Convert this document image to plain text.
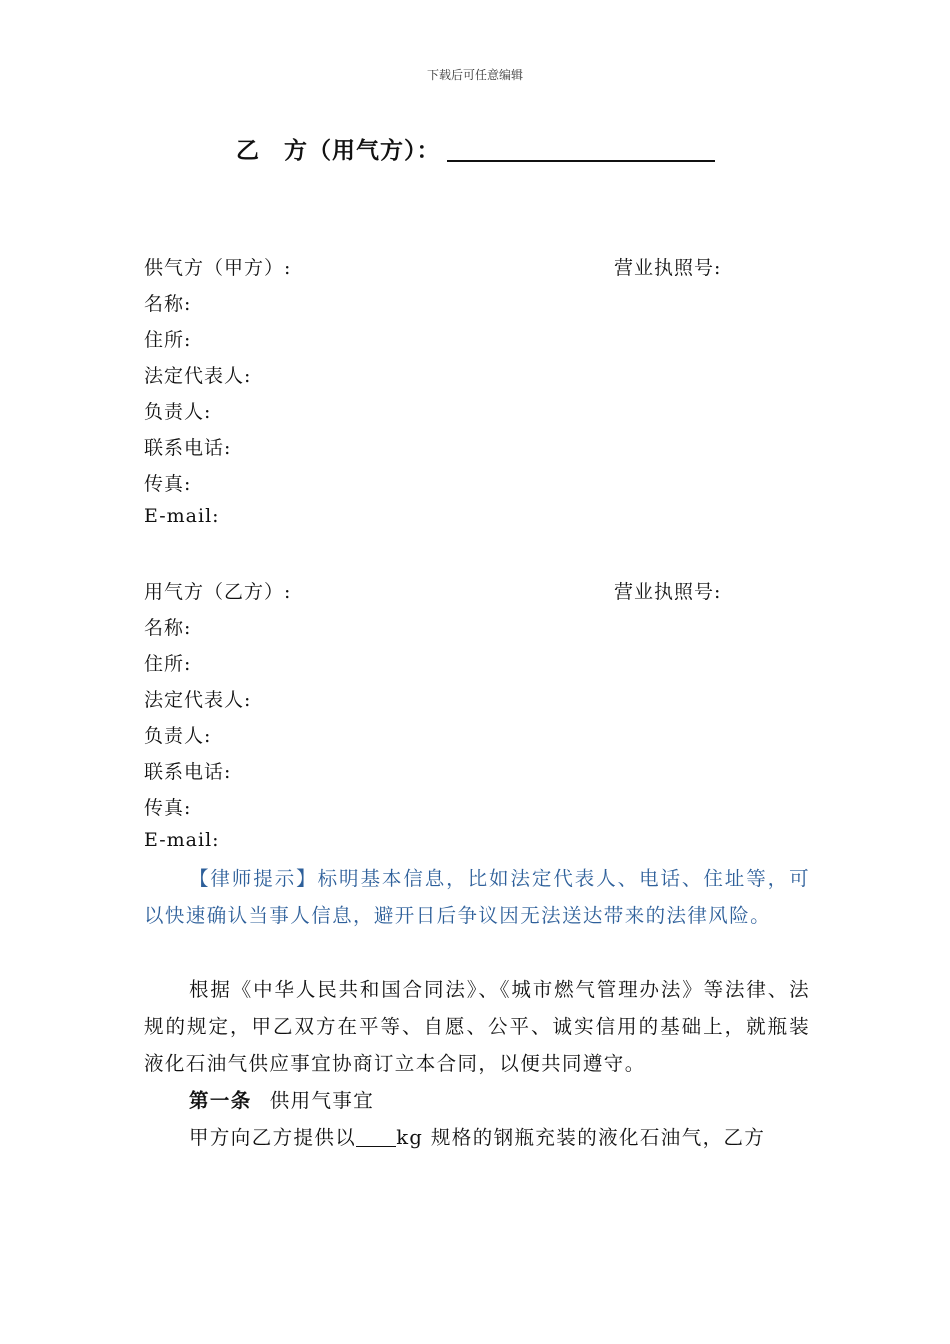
下载后可任意编辑
乙　方（用气方）：
供气方（甲方）:	营业执照号:
名称:
住所:
法定代表人:
负责人:
联系电话:
传真:
E-mail:
用气方（乙方）:	营业执照号:
名称:
住所:
法定代表人:
负责人:
联系电话:
传真:
E-mail:
【律师提示】标明基本信息，比如法定代表人、电话、住址等，可以快速确认当事人信息，避开日后争议因无法送达带来的法律风险。
根据《中华人民共和国合同法》、《城市燃气管理办法》等法律、法规的规定，甲乙双方在平等、自愿、公平、诚实信用的基础上，就瓶装液化石油气供应事宜协商订立本合同，以便共同遵守。
第一条 供用气事宜
甲方向乙方提供以 kg 规格的钢瓶充装的液化石油气，乙方
